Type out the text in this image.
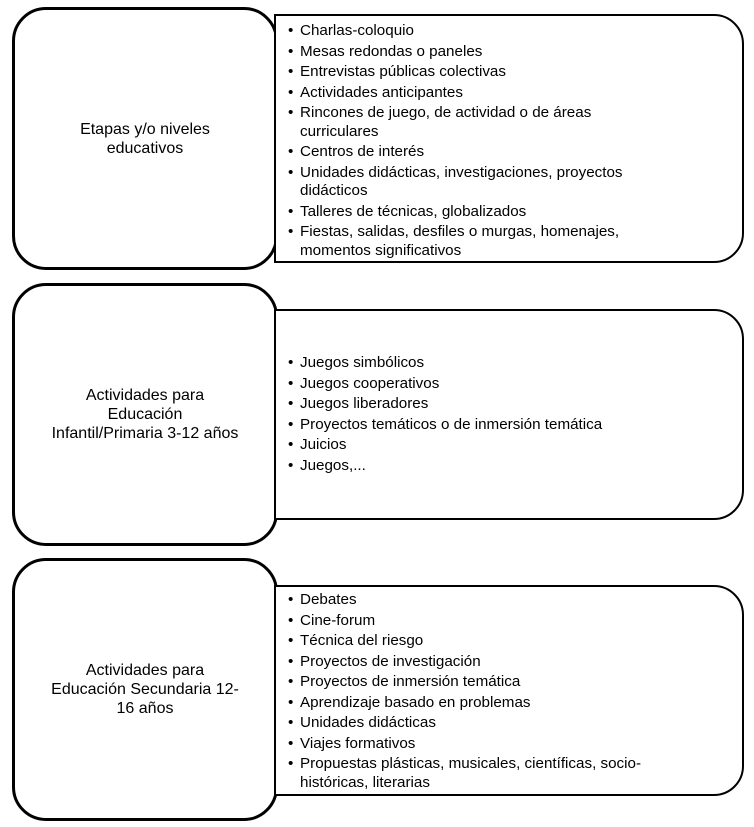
Etapas y/o niveles
educativos
• Charlas-coloquio
• Mesas redondas o paneles
• Entrevistas públicas colectivas
• Actividades anticipantes
• Rincones de juego, de actividad o de áreas curriculares
• Centros de interés
• Unidades didácticas, investigaciones, proyectos didácticos
• Talleres de técnicas, globalizados
• Fiestas, salidas, desfiles o murgas, homenajes, momentos significativos
Actividades para
Educación
Infantil/Primaria 3-12 años
• Juegos simbólicos
• Juegos cooperativos
• Juegos liberadores
• Proyectos temáticos o de inmersión temática
• Juicios
• Juegos,...
Actividades para
Educación Secundaria 12-
16 años
• Debates
• Cine-forum
• Técnica del riesgo
• Proyectos de investigación
• Proyectos de inmersión temática
• Aprendizaje basado en problemas
• Unidades didácticas
• Viajes formativos
• Propuestas plásticas, musicales, científicas, socio-históricas, literarias
